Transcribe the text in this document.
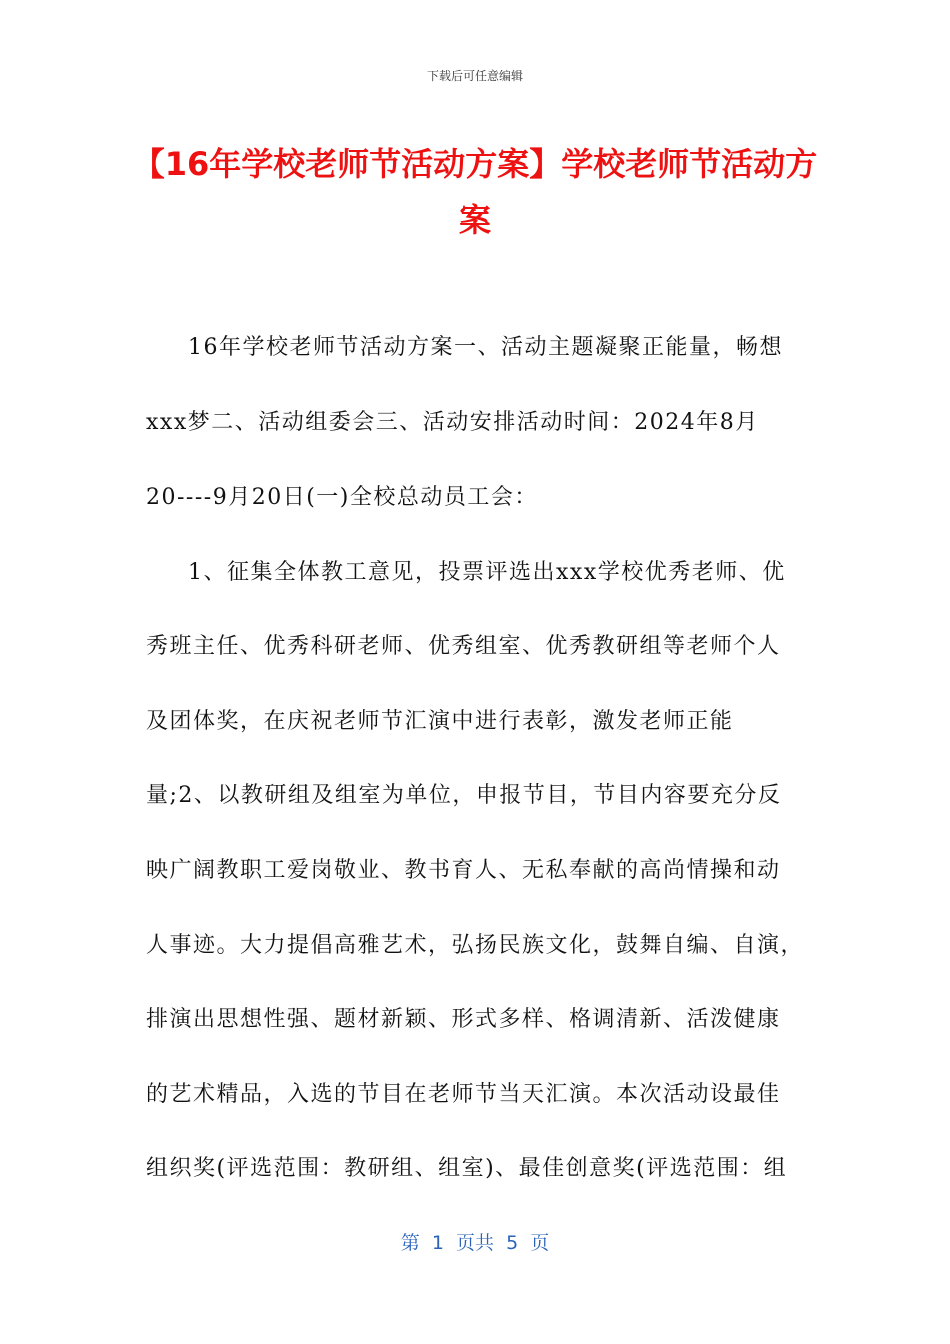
下载后可任意编辑
【16年学校老师节活动方案】学校老师节活动方案
16年学校老师节活动方案一、活动主题凝聚正能量，畅想
xxx梦二、活动组委会三、活动安排活动时间：2024年8月
20----9月20日(一)全校总动员工会：
1、征集全体教工意见，投票评选出xxx学校优秀老师、优
秀班主任、优秀科研老师、优秀组室、优秀教研组等老师个人
及团体奖，在庆祝老师节汇演中进行表彰，激发老师正能
量;2、以教研组及组室为单位，申报节目，节目内容要充分反
映广阔教职工爱岗敬业、教书育人、无私奉献的高尚情操和动
人事迹。大力提倡高雅艺术，弘扬民族文化，鼓舞自编、自演，
排演出思想性强、题材新颖、形式多样、格调清新、活泼健康
的艺术精品，入选的节目在老师节当天汇演。本次活动设最佳
组织奖(评选范围：教研组、组室)、最佳创意奖(评选范围：组
第  1  页共  5  页
